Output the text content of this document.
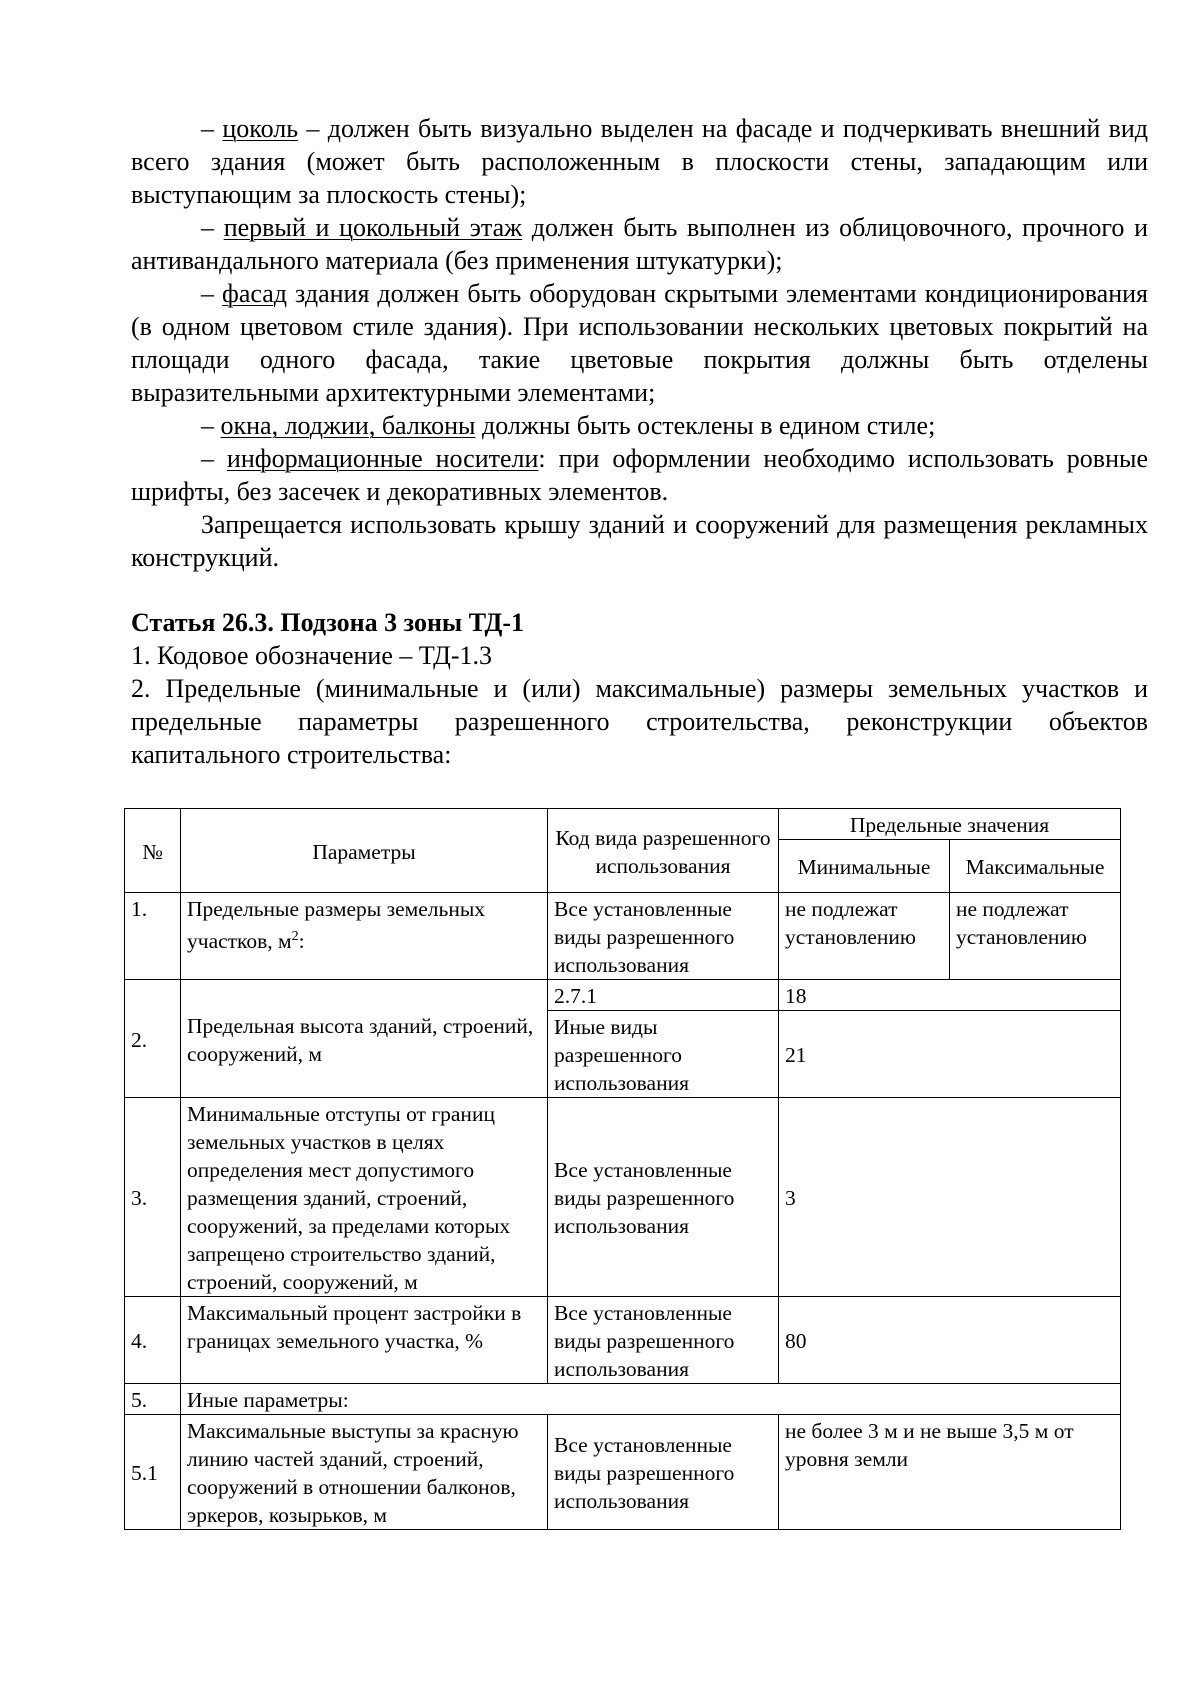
– цоколь – должен быть визуально выделен на фасаде и подчеркивать внешний вид всего здания (может быть расположенным в плоскости стены, западающим или выступающим за плоскость стены);

– первый и цокольный этаж должен быть выполнен из облицовочного, прочного и антивандального материала (без применения штукатурки);

– фасад здания должен быть оборудован скрытыми элементами кондиционирования (в одном цветовом стиле здания). При использовании нескольких цветовых покрытий на площади одного фасада, такие цветовые покрытия должны быть отделены выразительными архитектурными элементами;

– окна, лоджии, балконы должны быть остеклены в едином стиле;

– информационные носители: при оформлении необходимо использовать ровные шрифты, без засечек и декоративных элементов.

Запрещается использовать крышу зданий и сооружений для размещения рекламных конструкций.

Статья 26.3. Подзона 3 зоны ТД-1

1. Кодовое обозначение – ТД-1.3

2. Предельные (минимальные и (или) максимальные) размеры земельных участков и предельные параметры разрешенного строительства, реконструкции объектов капитального строительства:

№	Параметры	Код вида разрешенного использования	Предельные значения	
			Минимальные	Максимальные
1.	Предельные размеры земельных участков, $м^2$:	Все установленные виды разрешенного использования	не подлежат установлению	не подлежат установлению
2.	Предельная высота зданий, строений, сооружений, м	2.7.1	18	
		Иные виды разрешенного использования	21	
3.	Минимальные отступы от границ земельных участков в целях определения мест допустимого размещения зданий, строений, сооружений, за пределами которых запрещено строительство зданий, строений, сооружений, м	Все установленные виды разрешенного использования	3	
4.	Максимальный процент застройки в границах земельного участка, %	Все установленные виды разрешенного использования	80	
5.	Иные параметры:			
5.1	Максимальные выступы за красную линию частей зданий, строений, сооружений в отношении балконов, эркеров, козырьков, м	Все установленные виды разрешенного использования	не более 3 м и не выше 3,5 м от уровня земли	
